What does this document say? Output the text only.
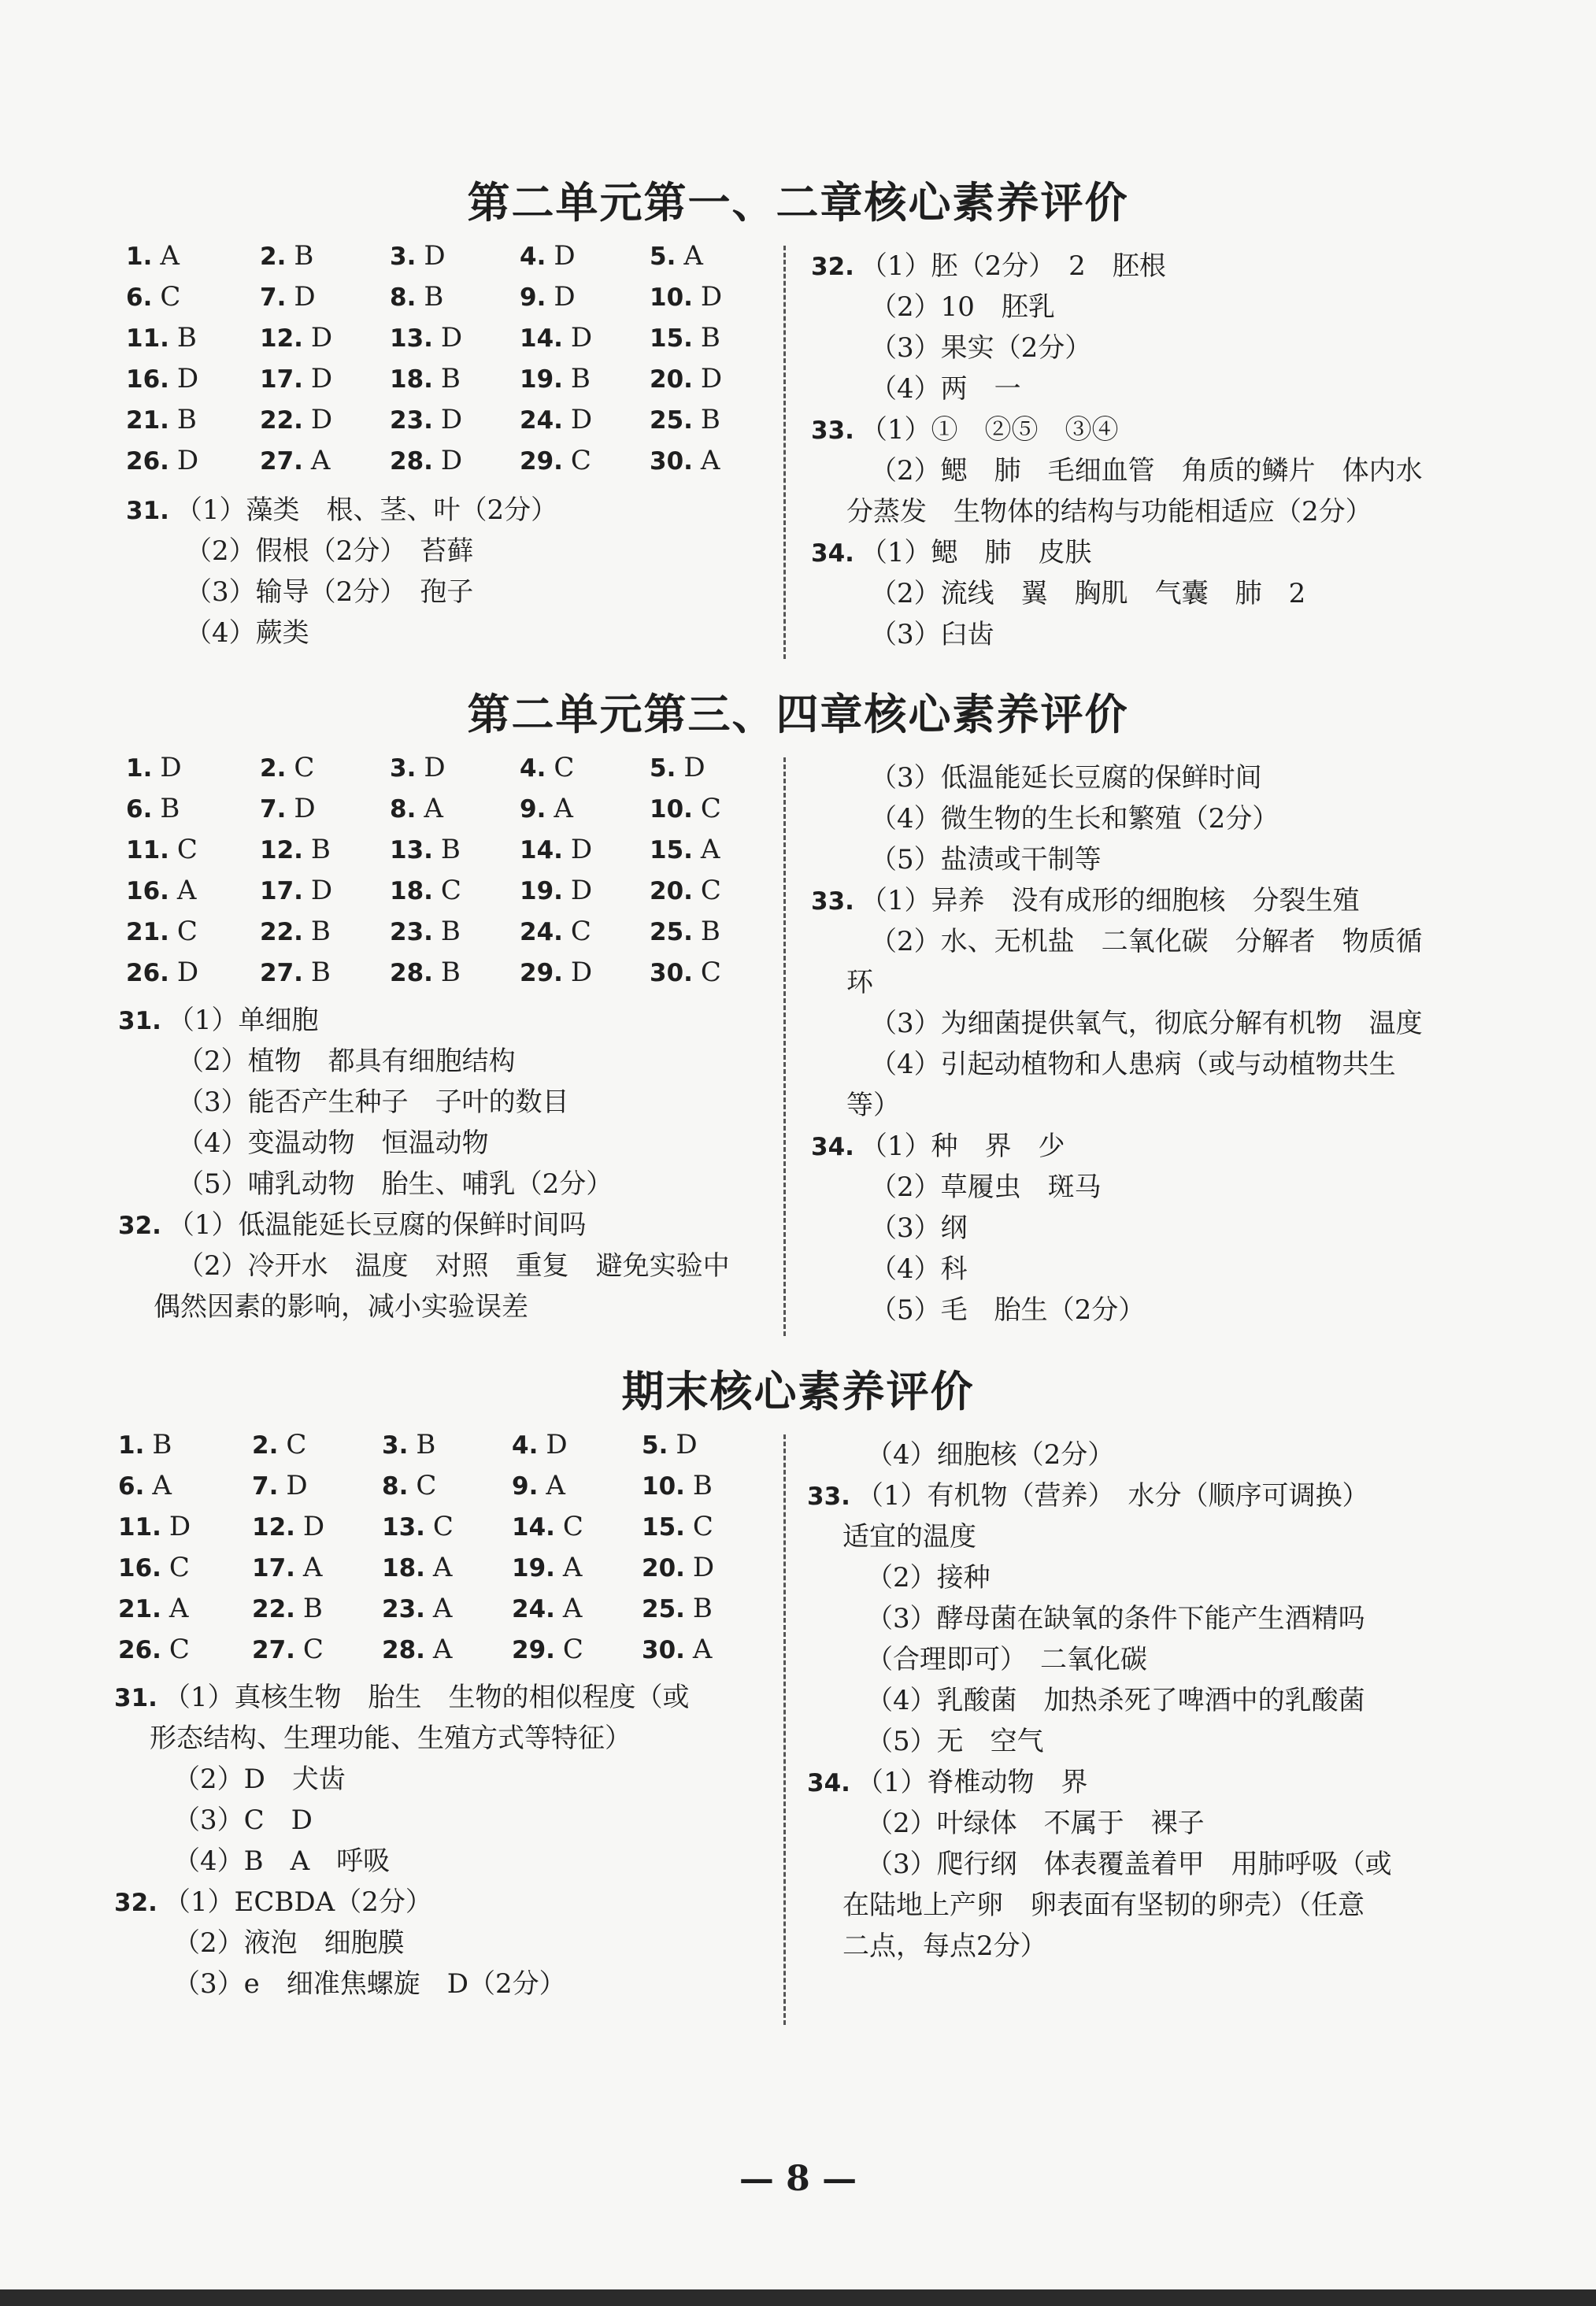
第二单元第一、二章核心素养评价
1. A	2. B	3. D	4. D	5. A
6. C	7. D	8. B	9. D	10. D
11. B	12. D 13. D 14. D 15. B
16. D	17. D 18. B 19. B 20. D
21. B	22. D 23. D 24. D 25. B
26. D	27. A 28. D 29. C 30. A
31. （1）藻类　根、茎、叶（2分）
（2）假根（2分）　苔藓
（3）输导（2分）　孢子
（4）蕨类
32. （1）胚（2分）　2　胚根
（2）10　胚乳
（3）果实（2分）
（4）两　一
33. （1）①　②⑤　③④
（2）鳃　肺　毛细血管　角质的鳞片　体内水
分蒸发　生物体的结构与功能相适应（2分）
34. （1）鳃　肺　皮肤
（2）流线　翼　胸肌　气囊　肺　2
（3）臼齿
第二单元第三、四章核心素养评价
1. D	2. C	3. D	4. C	5. D
6. B	7. D	8. A	9. A	10. C
11. C	12. B 13. B 14. D 15. A
16. A	17. D 18. C 19. D 20. C
21. C	22. B 23. B 24. C 25. B
26. D	27. B 28. B 29. D 30. C
31. （1）单细胞
（2）植物　都具有细胞结构
（3）能否产生种子　子叶的数目
（4）变温动物　恒温动物
（5）哺乳动物　胎生、哺乳（2分）
32. （1）低温能延长豆腐的保鲜时间吗
（2）冷开水　温度　对照　重复　避免实验中
偶然因素的影响，减小实验误差
（3）低温能延长豆腐的保鲜时间
（4）微生物的生长和繁殖（2分）
（5）盐渍或干制等
33. （1）异养　没有成形的细胞核　分裂生殖
（2）水、无机盐　二氧化碳　分解者　物质循
环
（3）为细菌提供氧气，彻底分解有机物　温度
（4）引起动植物和人患病（或与动植物共生
等）
34. （1）种　界　少
（2）草履虫　斑马
（3）纲
（4）科
（5）毛　胎生（2分）
期末核心素养评价
1. B	2. C	3. B	4. D	5. D
6. A	7. D	8. C	9. A	10. B
11. D	12. D 13. C 14. C 15. C
16. C	17. A 18. A 19. A 20. D
21. A	22. B 23. A 24. A 25. B
26. C	27. C 28. A 29. C 30. A
31. （1）真核生物　胎生　生物的相似程度（或
形态结构、生理功能、生殖方式等特征）
（2）D　犬齿
（3）C　D
（4）B　A　呼吸
32. （1）ECBDA（2分）
（2）液泡　细胞膜
（3）e　细准焦螺旋　D（2分）
（4）细胞核（2分）
33. （1）有机物（营养）　水分（顺序可调换）
适宜的温度
（2）接种
（3）酵母菌在缺氧的条件下能产生酒精吗
（合理即可）　二氧化碳
（4）乳酸菌　加热杀死了啤酒中的乳酸菌
（5）无　空气
34. （1）脊椎动物　界
（2）叶绿体　不属于　裸子
（3）爬行纲　体表覆盖着甲　用肺呼吸（或
在陆地上产卵　卵表面有坚韧的卵壳）（任意
二点，每点2分）
— 8 —
